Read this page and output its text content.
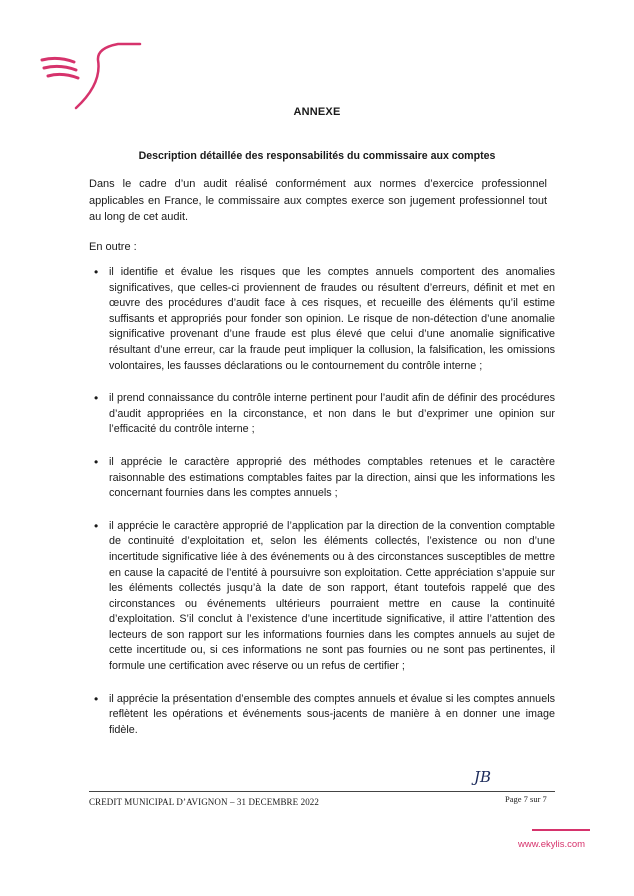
ANNEXE
Description détaillée des responsabilités du commissaire aux comptes

Dans le cadre d’un audit réalisé conformément aux normes d’exercice professionnel applicables en France, le commissaire aux comptes exerce son jugement professionnel tout au long de cet audit.

En outre :
• il identifie et évalue les risques que les comptes annuels comportent des anomalies significatives, que celles-ci proviennent de fraudes ou résultent d’erreurs, définit et met en œuvre des procédures d’audit face à ces risques, et recueille des éléments qu’il estime suffisants et appropriés pour fonder son opinion. Le risque de non-détection d’une anomalie significative provenant d’une fraude est plus élevé que celui d’une anomalie significative résultant d’une erreur, car la fraude peut impliquer la collusion, la falsification, les omissions volontaires, les fausses déclarations ou le contournement du contrôle interne ;
• il prend connaissance du contrôle interne pertinent pour l’audit afin de définir des procédures d’audit appropriées en la circonstance, et non dans le but d’exprimer une opinion sur l’efficacité du contrôle interne ;
• il apprécie le caractère approprié des méthodes comptables retenues et le caractère raisonnable des estimations comptables faites par la direction, ainsi que les informations les concernant fournies dans les comptes annuels ;
• il apprécie le caractère approprié de l’application par la direction de la convention comptable de continuité d’exploitation et, selon les éléments collectés, l’existence ou non d’une incertitude significative liée à des événements ou à des circonstances susceptibles de mettre en cause la capacité de l’entité à poursuivre son exploitation. Cette appréciation s’appuie sur les éléments collectés jusqu’à la date de son rapport, étant toutefois rappelé que des circonstances ou événements ultérieurs pourraient mettre en cause la continuité d’exploitation. S’il conclut à l’existence d’une incertitude significative, il attire l’attention des lecteurs de son rapport sur les informations fournies dans les comptes annuels au sujet de cette incertitude ou, si ces informations ne sont pas fournies ou ne sont pas pertinentes, il formule une certification avec réserve ou un refus de certifier ;
• il apprécie la présentation d’ensemble des comptes annuels et évalue si les comptes annuels reflètent les opérations et événements sous-jacents de manière à en donner une image fidèle.
JB
CREDIT MUNICIPAL D’AVIGNON – 31 DECEMBRE 2022	Page 7 sur 7
www.ekylis.com
